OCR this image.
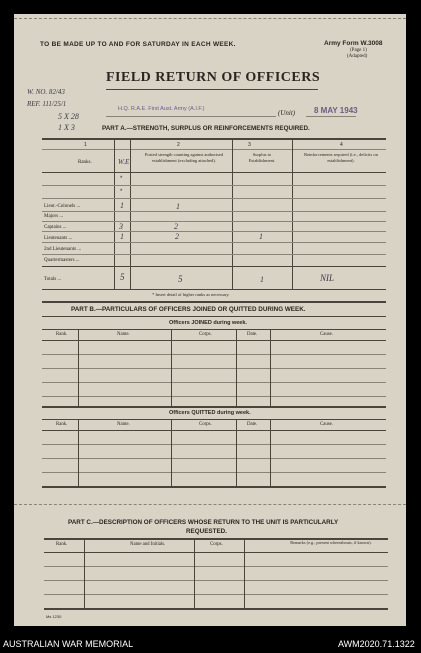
TO BE MADE UP TO AND FOR SATURDAY IN EACH WEEK.	Army Form W.3008
(Page 1)
(Adapted)
FIELD RETURN OF OFFICERS
W. NO. 82/43
REF. 111/25/1
5 X 28
1 X 3
H.Q. R.A.E. First Aust. Army (A.I.F.)	(Unit) 8 MAY 1943
PART A.—STRENGTH, SURPLUS OR REINFORCEMENTS REQUIRED.
1	2	3	4
Ranks.	W.E
Posted strength counting against authorised establishment (excluding attached).
Surplus to Establishment.
Reinforcements required (i.e., deficits on establishment).
*
*
Lieut.-Colonels ...	1	1
Majors ...
Captains ...	3	2
Lieutenants ...	1	2	1
2nd Lieutenants ...
Quartermasters ...
Totals ...	5	5	1	NIL
* Insert detail of higher ranks as necessary.
PART B.—PARTICULARS OF OFFICERS JOINED OR QUITTED DURING WEEK.
Officers JOINED during week.
Rank.	Name.	Corps.	Date.	Cause.
Officers QUITTED during week.
Rank.	Name.	Corps.	Date.	Cause.
PART C.—DESCRIPTION OF OFFICERS WHOSE RETURN TO THE UNIT IS PARTICULARLY
REQUESTED.
Rank.	Name and Initials.	Corps.	Remarks (e.g., present whereabouts, if known).
Ms 1230
AUSTRALIAN WAR MEMORIAL	AWM2020.71.1322
